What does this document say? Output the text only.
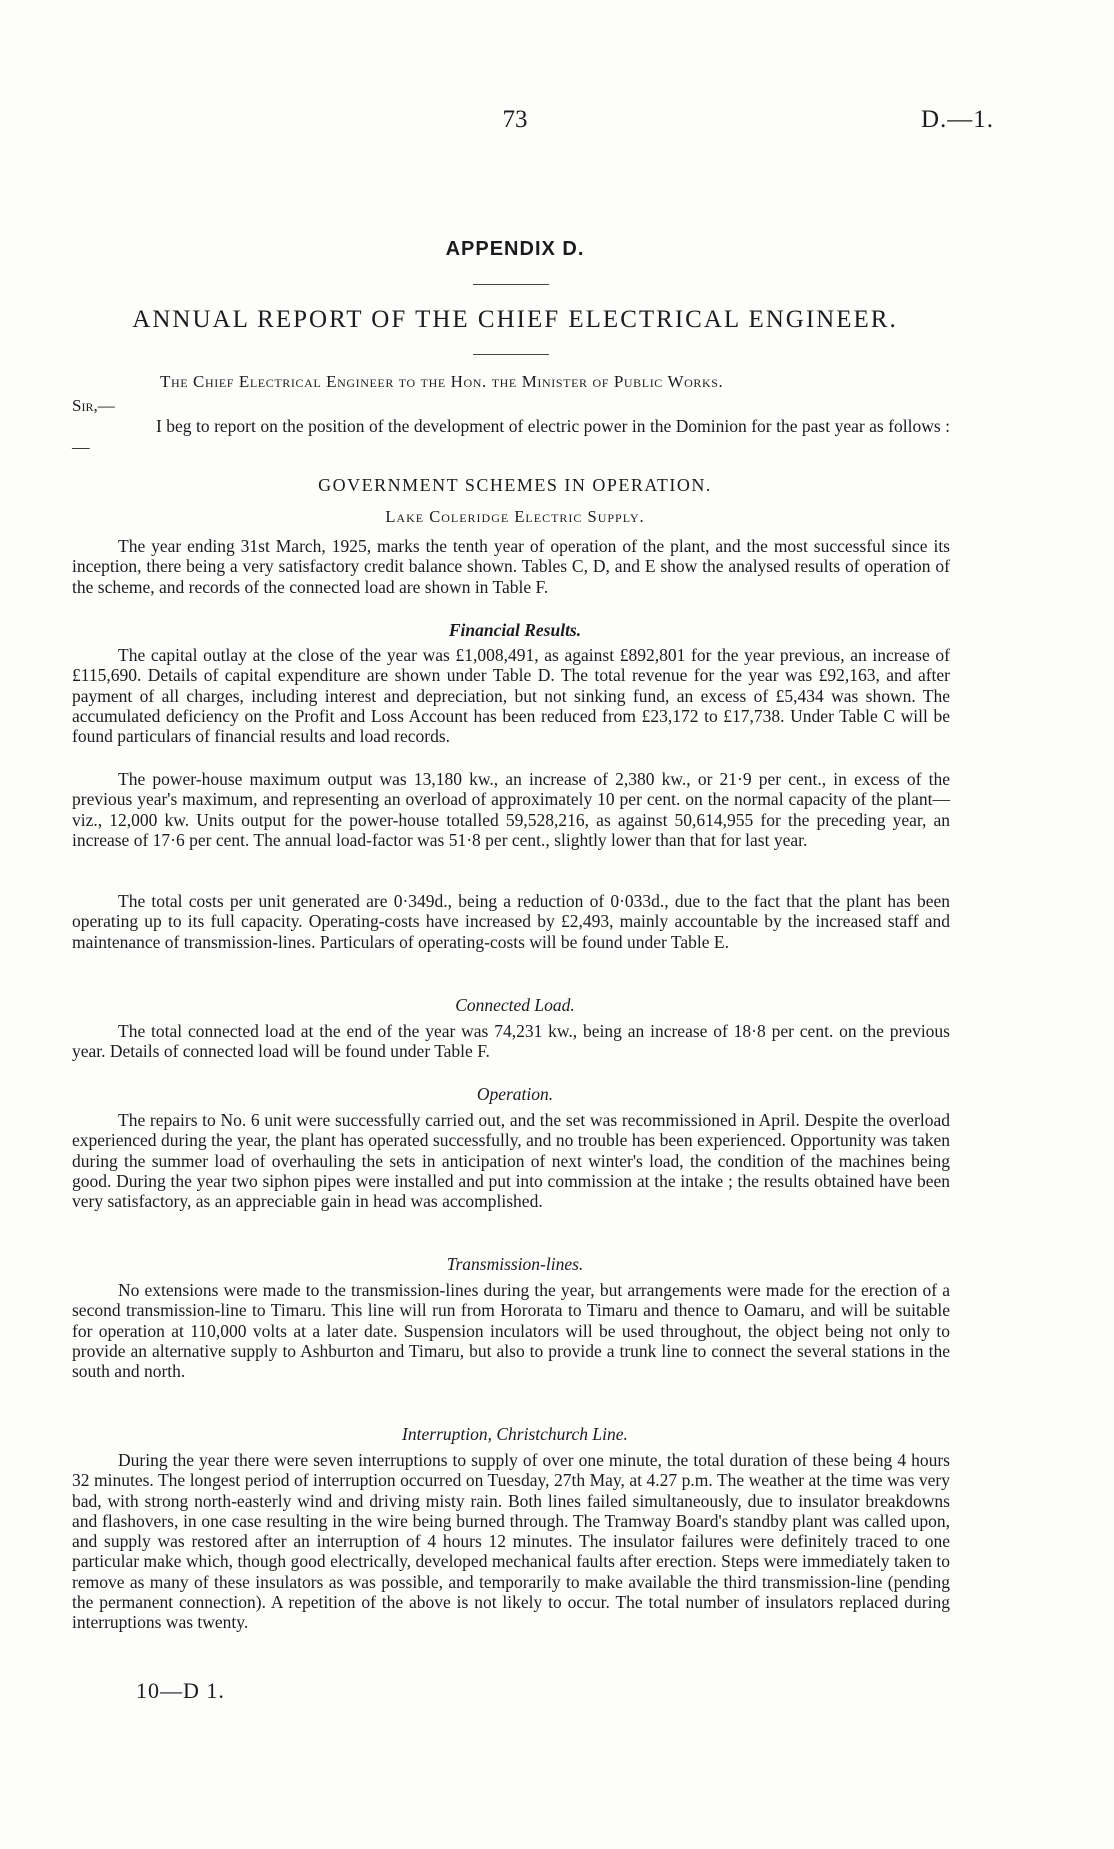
73	D.—1.
APPENDIX D.
ANNUAL REPORT OF THE CHIEF ELECTRICAL ENGINEER.
The Chief Electrical Engineer to the Hon. the Minister of Public Works.
Sir,—

I beg to report on the position of the development of electric power in the Dominion for the past year as follows :—

GOVERNMENT SCHEMES IN OPERATION.
Lake Coleridge Electric Supply.

The year ending 31st March, 1925, marks the tenth year of operation of the plant, and the most successful since its inception, there being a very satisfactory credit balance shown. Tables C, D, and E show the analysed results of operation of the scheme, and records of the connected load are shown in Table F.

Financial Results.

The capital outlay at the close of the year was £1,008,491, as against £892,801 for the year previous, an increase of £115,690. Details of capital expenditure are shown under Table D. The total revenue for the year was £92,163, and after payment of all charges, including interest and depreciation, but not sinking fund, an excess of £5,434 was shown. The accumulated deficiency on the Profit and Loss Account has been reduced from £23,172 to £17,738. Under Table C will be found particulars of financial results and load records.

The power-house maximum output was 13,180 kw., an increase of 2,380 kw., or 21·9 per cent., in excess of the previous year's maximum, and representing an overload of approximately 10 per cent. on the normal capacity of the plant—viz., 12,000 kw. Units output for the power-house totalled 59,528,216, as against 50,614,955 for the preceding year, an increase of 17·6 per cent. The annual load-factor was 51·8 per cent., slightly lower than that for last year.

The total costs per unit generated are 0·349d., being a reduction of 0·033d., due to the fact that the plant has been operating up to its full capacity. Operating-costs have increased by £2,493, mainly accountable by the increased staff and maintenance of transmission-lines. Particulars of operating-costs will be found under Table E.

Connected Load.

The total connected load at the end of the year was 74,231 kw., being an increase of 18·8 per cent. on the previous year. Details of connected load will be found under Table F.

Operation.

The repairs to No. 6 unit were successfully carried out, and the set was recommissioned in April. Despite the overload experienced during the year, the plant has operated successfully, and no trouble has been experienced. Opportunity was taken during the summer load of overhauling the sets in anticipation of next winter's load, the condition of the machines being good. During the year two siphon pipes were installed and put into commission at the intake ; the results obtained have been very satisfactory, as an appreciable gain in head was accomplished.

Transmission-lines.

No extensions were made to the transmission-lines during the year, but arrangements were made for the erection of a second transmission-line to Timaru. This line will run from Hororata to Timaru and thence to Oamaru, and will be suitable for operation at 110,000 volts at a later date. Suspension inculators will be used throughout, the object being not only to provide an alternative supply to Ashburton and Timaru, but also to provide a trunk line to connect the several stations in the south and north.

Interruption, Christchurch Line.

During the year there were seven interruptions to supply of over one minute, the total duration of these being 4 hours 32 minutes. The longest period of interruption occurred on Tuesday, 27th May, at 4.27 p.m. The weather at the time was very bad, with strong north-easterly wind and driving misty rain. Both lines failed simultaneously, due to insulator breakdowns and flashovers, in one case resulting in the wire being burned through. The Tramway Board's standby plant was called upon, and supply was restored after an interruption of 4 hours 12 minutes. The insulator failures were definitely traced to one particular make which, though good electrically, developed mechanical faults after erection. Steps were immediately taken to remove as many of these insulators as was possible, and temporarily to make available the third transmission-line (pending the permanent connection). A repetition of the above is not likely to occur. The total number of insulators replaced during interruptions was twenty.

10—D 1.
